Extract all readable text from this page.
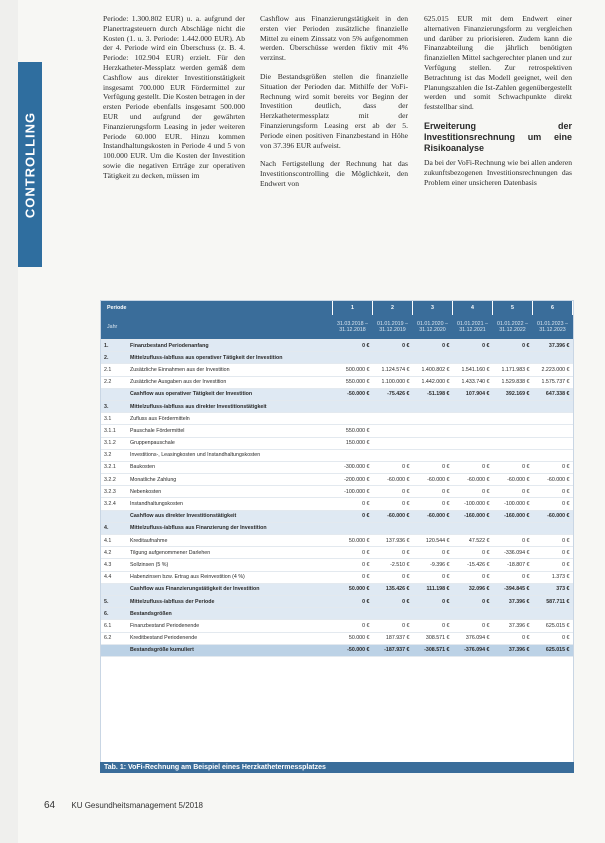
CONTROLLING

Periode: 1.300.802 EUR) u. a. aufgrund der Planertragsteuern durch Abschläge nicht die Kosten (1. u. 3. Periode: 1.442.000 EUR). Ab der 4. Periode wird ein Überschuss (z. B. 4. Periode: 102.904 EUR) erzielt. Für den Herzkatheter-Messplatz werden gemäß dem Cashflow aus direkter Investitionstätigkeit insgesamt 700.000 EUR Fördermittel zur Verfügung gestellt. Die Kosten betragen in der ersten Periode ebenfalls insgesamt 500.000 EUR und aufgrund der gewährten Finanzierungsform Leasing in jeder weiteren Periode 60.000 EUR. Hinzu kommen Instandhaltungskosten in Periode 4 und 5 von 100.000 EUR. Um die Kosten der Investition sowie die negativen Erträge zur operativen Tätigkeit zu decken, müssen im

Cashflow aus Finanzierungstätigkeit in den ersten vier Perioden zusätzliche finanzielle Mittel zu einem Zinssatz von 5% aufgenommen werden. Überschüsse werden fiktiv mit 4% verzinst.

Die Bestandsgrößen stellen die finanzielle Situation der Perioden dar. Mithilfe der VoFi-Rechnung wird somit bereits vor Beginn der Investition deutlich, dass der Herzkathetermessplatz mit der Finanzierungsform Leasing erst ab der 5. Periode einen positiven Finanzbestand in Höhe von 37.396 EUR aufweist.

Nach Fertigstellung der Rechnung hat das Investitionscontrolling die Möglichkeit, den Endwert von

625.015 EUR mit dem Endwert einer alternativen Finanzierungsform zu vergleichen und darüber zu priorisieren. Zudem kann die Finanzabteilung die jährlich benötigten finanziellen Mittel sachgerechter planen und zur Verfügung stellen. Zur retrospektiven Betrachtung ist das Modell geeignet, weil den Planungszahlen die Ist-Zahlen gegenübergestellt werden und somit Schwachpunkte direkt feststellbar sind.

Erweiterung der Investitionsrechnung um eine Risikoanalyse

Da bei der VoFi-Rechnung wie bei allen anderen zukunftsbezogenen Investitionsrechnungen das Problem einer unsicheren Datenbasis

Periode		1	2	3	4	5	6
Jahr		31.03.2018 – 31.12.2018	01.01.2019 – 31.12.2019	01.01.2020 – 31.12.2020	01.01.2021 – 31.12.2021	01.01.2022 – 31.12.2022	01.01.2023 – 31.12.2023
1.	Finanzbestand Periodenanfang	0 €	0 €	0 €	0 €	0 €	37.396 €
2.	Mittelzufluss-/abfluss aus operativer Tätigkeit der Investition						
2.1	Zusätzliche Einnahmen aus der Investition	500.000 €	1.124.574 €	1.400.802 €	1.541.160 €	1.171.983 €	2.223.000 €
2.2	Zusätzliche Ausgaben aus der Investition	550.000 €	1.100.000 €	1.442.000 €	1.433.740 €	1.529.838 €	1.575.737 €
	Cashflow aus operativer Tätigkeit der Investition	-50.000 €	-75.426 €	-51.198 €	107.904 €	392.169 €	647.338 €
3.	Mittelzufluss-/abfluss aus direkter Investitionstätigkeit						
3.1	Zufluss aus Fördermitteln						
3.1.1	Pauschale Fördermittel	550.000 €					
3.1.2	Gruppenpauschale	150.000 €					
3.2	Investitions-, Leasingkosten und Instandhaltungskosten						
3.2.1	Baukosten	-300.000 €	0 €	0 €	0 €	0 €	0 €
3.2.2	Monatliche Zahlung	-200.000 €	-60.000 €	-60.000 €	-60.000 €	-60.000 €	-60.000 €
3.2.3	Nebenkosten	-100.000 €	0 €	0 €	0 €	0 €	0 €
3.2.4	Instandhaltungskosten	0 €	0 €	0 €	-100.000 €	-100.000 €	0 €
	Cashflow aus direkter Investitionstätigkeit	0 €	-60.000 €	-60.000 €	-160.000 €	-160.000 €	-60.000 €
4.	Mittelzufluss-/abfluss aus Finanzierung der Investition						
4.1	Kreditaufnahme	50.000 €	137.936 €	120.544 €	47.522 €	0 €	0 €
4.2	Tilgung aufgenommener Darlehen	0 €	0 €	0 €	0 €	-336.094 €	0 €
4.3	Sollzinsen (5 %)	0 €	-2.510 €	-9.396 €	-15.426 €	-18.807 €	0 €
4.4	Habenzinsen bzw. Ertrag aus Reinvestition (4 %)	0 €	0 €	0 €	0 €	0 €	1.373 €
	Cashflow aus Finanzierungstätigkeit der Investition	50.000 €	135.426 €	111.198 €	32.096 €	-394.845 €	373 €
5.	Mittelzufluss-/abfluss der Periode	0 €	0 €	0 €	0 €	37.396 €	587.711 €
6.	Bestandsgrößen						
6.1	Finanzbestand Periodenende	0 €	0 €	0 €	0 €	37.396 €	625.015 €
6.2	Kreditbestand Periodenende	50.000 €	187.937 €	308.571 €	376.094 €	0 €	0 €
	Bestandsgröße kumuliert	-50.000 €	-187.937 €	-308.571 €	-376.094 €	37.396 €	625.015 €
Tab. 1: VoFi-Rechnung am Beispiel eines Herzkathetermessplatzes
64 KU Gesundheitsmanagement 5/2018
